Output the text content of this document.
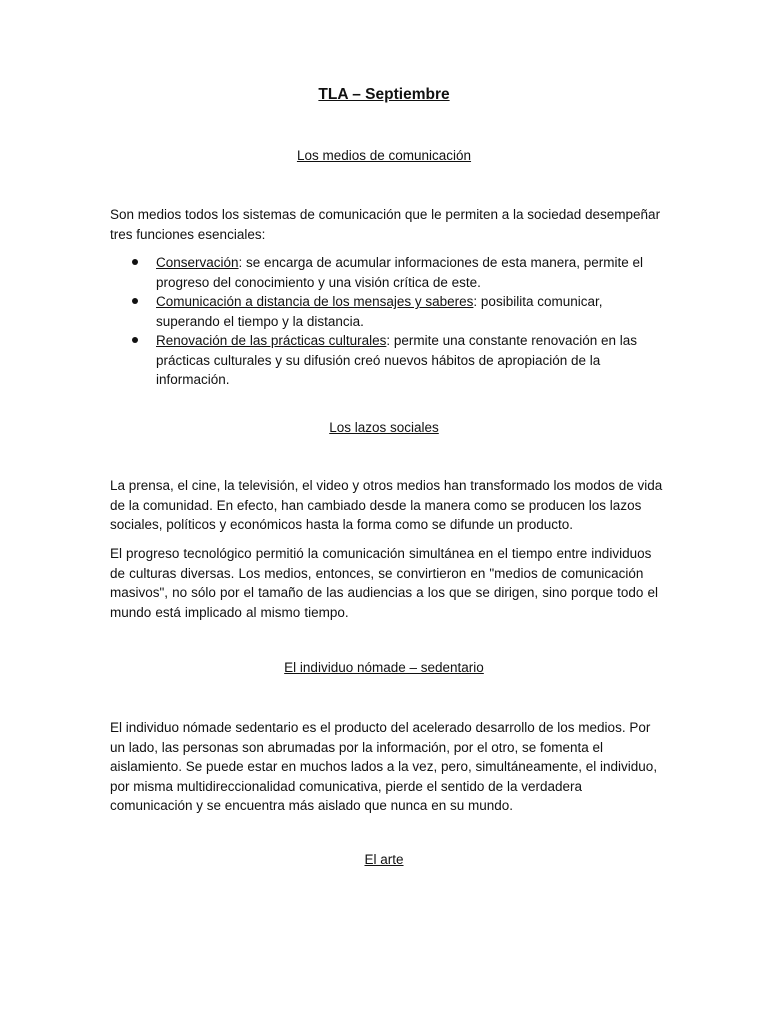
TLA – Septiembre
Los medios de comunicación

Son medios todos los sistemas de comunicación que le permiten a la sociedad desempeñar tres funciones esenciales:

Conservación: se encarga de acumular informaciones de esta manera, permite el progreso del conocimiento y una visión crítica de este.
Comunicación a distancia de los mensajes y saberes: posibilita comunicar, superando el tiempo y la distancia.
Renovación de las prácticas culturales: permite una constante renovación en las prácticas culturales y su difusión creó nuevos hábitos de apropiación de la información.
Los lazos sociales

La prensa, el cine, la televisión, el video y otros medios han transformado los modos de vida de la comunidad. En efecto, han cambiado desde la manera como se producen los lazos sociales, políticos y económicos hasta la forma como se difunde un producto.

El progreso tecnológico permitió la comunicación simultánea en el tiempo entre individuos de culturas diversas. Los medios, entonces, se convirtieron en "medios de comunicación masivos", no sólo por el tamaño de las audiencias a los que se dirigen, sino porque todo el mundo está implicado al mismo tiempo.

El individuo nómade – sedentario

El individuo nómade sedentario es el producto del acelerado desarrollo de los medios. Por un lado, las personas son abrumadas por la información, por el otro, se fomenta el aislamiento. Se puede estar en muchos lados a la vez, pero, simultáneamente, el individuo, por misma multidireccionalidad comunicativa, pierde el sentido de la verdadera comunicación y se encuentra más aislado que nunca en su mundo.

El arte
